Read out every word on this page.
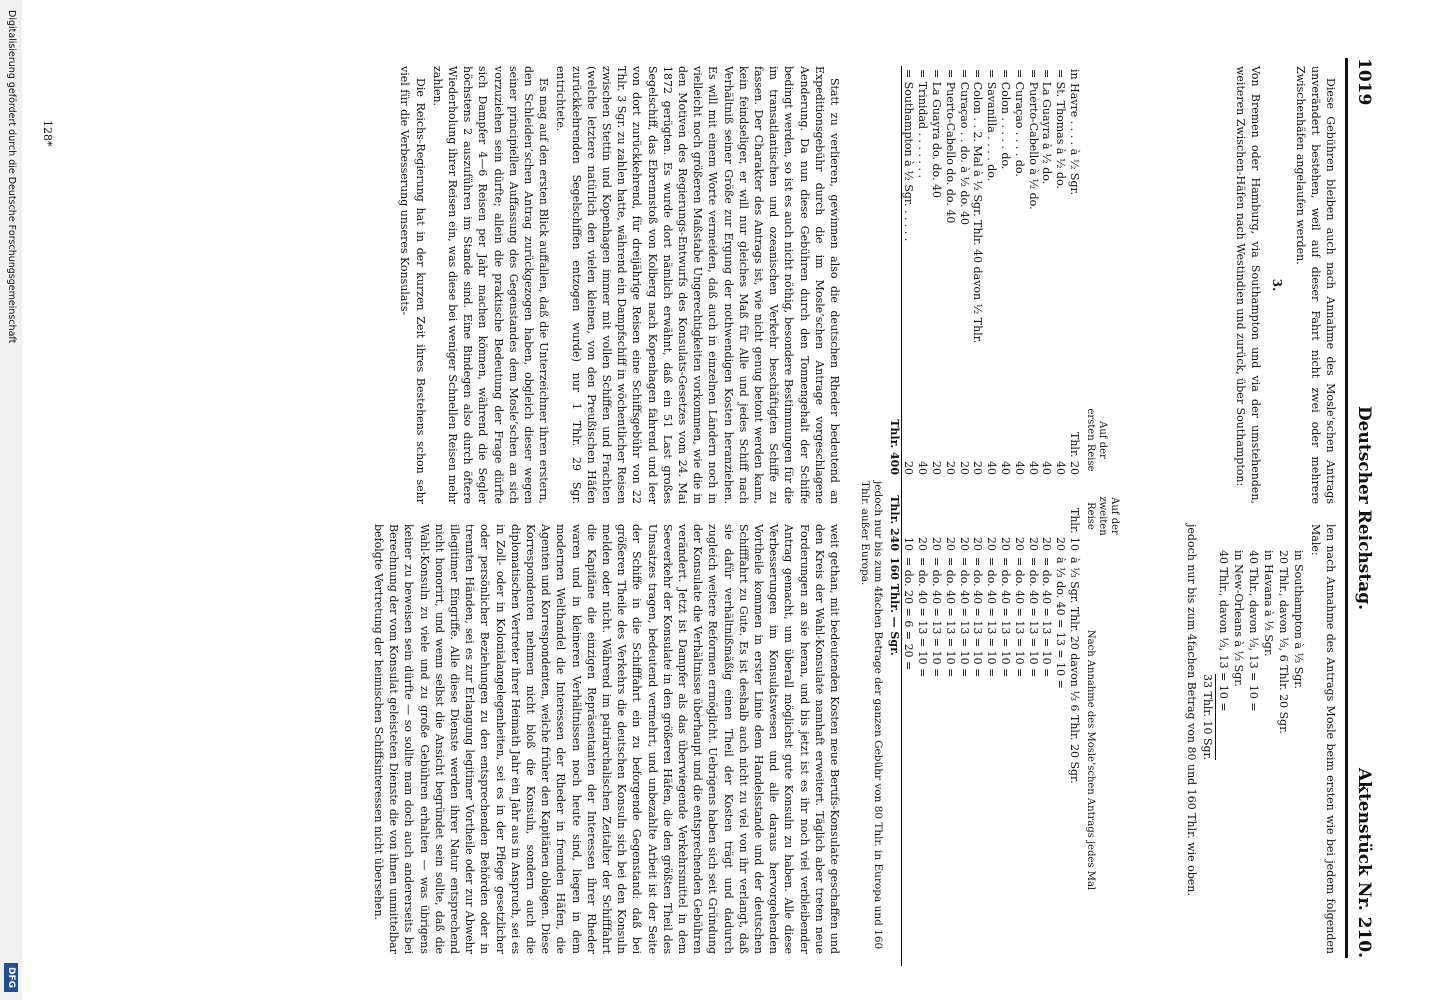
1019
Deutscher Reichstag.
Aktenstück Nr. 210.

Diese Gebühren bleiben auch nach Annahme des Mosle’schen Antrags unverändert bestehen, weil auf dieser Fahrt nicht zwei oder mehrere Zwischenhäfen angelaufen werden.

3.
Von Bremen oder Hamburg, via Southampton und via der umstehenden, weiteren Zwischen-Häfen nach Westindien und zurück, über Southampton:

len nach Annahme des Antrags Mosle beim ersten wie bei jedem folgenden Male:

in Southampton à ⅓ Sgr.
20 Thlr., davon ⅓, 6 Thlr. 20 Sgr.
in Havana à ⅓ Sgr.
40 Thlr., davon ⅓, 13 = 10 =
in New-Orleans à ⅓ Sgr.
40 Thlr., davon ⅓, 13 = 10 =
33 Thlr. 10 Sgr.

jedoch nur bis zum 4fachen Betrag von 80 und 160 Thlr. wie oben.

	Auf der ersten Reise	Auf der zweiten Reise	Nach Annahme des Mosle’schen Antrags jedes Mal
in Havre . . . . à ½ Sgr.	Thlr. 20	Thlr. 10	à ⅓ Sgr. Thlr. 20 davon ⅓ 6 Thlr. 20 Sgr.
= St. Thomas à ½ do.	40	20	à ⅓ do. 40 = 13 = 10 =
= La Guayra à ½ do.	40	20	= do. 40 = 13 = 10 =
= Puerto-Cabello à ½ do.	40	20	= do. 40 = 13 = 10 =
= Curaçao . . . . do.	40	20	= do. 40 = 13 = 10 =
= Colon . . . . . do.	40	20	= do. 40 = 13 = 10 =
= Savanilla . . . . do.	40	20	= do. 40 = 13 = 10 =
= Colon . . 2. Mal à ½ Sgr. Thlr. 40 davon ½ Thlr.	20	20	= do. 40 = 13 = 10 =
= Curaçao . . do. à ½ do. 40	20	20	= do. 40 = 13 = 10 =
= Puerto-Cabello do. do. 40	20	20	= do. 40 = 13 = 10 =
= La Guayra do. do. 40	20	20	= do. 40 = 13 = 10 =
= Trinidad . . . . . . .	40	20	= do. 40 = 13 = 10 =
= Southampton à ½ Sgr. . . . . .	20	10	= do. 20 = 6 = 20 =
	Thlr. 400	Thlr. 240	160 Thlr. — Sgr.
		jedoch nur bis zum 4fachen Betrage der ganzen Gebühr von 80 Thlr. in Europa und 160 Thlr. außer Europa.	

Statt zu verlieren, gewinnen also die deutschen Rheder bedeutend an Expeditionsgebühr durch die im Mosle’schen Antrage vorgeschlagene Aenderung. Da nun diese Gebühren durch den Tonnengehalt der Schiffe bedingt werden, so ist es auch nicht nöthig, besondere Bestimmungen für die im transatlantischen und ozeanischen Verkehr beschäftigten Schiffe zu fassen. Der Charakter des Antrags ist, wie nicht genug betont werden kann, kein feindseliger, er will nur gleiches Maß für Alle und jedes Schiff nach Verhältniß seiner Größe zur Ergung der nothwendigen Kosten heranziehen. Es will mit einem Worte vermeiden, daß auch in einzelnen Ländern noch in vielleicht noch größeren Maßstabe Ungerechtigkeiten vorkommen, wie die in den Motiven des Regierungs-Entwurfs des Konsulats-Gesetzes vom 24. Mai 1872 gerügten. Es wurde dort nämlich erwähnt, daß ein 51 Last großes Segelschiff, das Ebrennstoß von Kolberg nach Kopenhagen fahrend und leer von dort zurückkehrend, für dreijährige Reisen eine Schiffsgebühr von 22 Thlr. 3 Sgr. zu zahlen hatte, während ein Dampfschiff in wöchentlicher Reisen zwischen Stettin und Kopenhagen immer mit vollen Schiffen und Frachten (welche letztere natürlich den vielen kleinen, von den Preußischen Häfen zurückkehrenden Segelschiffen entzogen wurde) nur 1 Thlr. 29 Sgr. entrichtete.

Es mag auf den ersten Blick auffallen, daß die Unterzeichner ihren erstern, den Schleiden’schen Antrag zurückgezogen haben, obgleich dieser wegen seiner principiellen Auffassung des Gegenstandes dem Mosle’schen an sich vorzuziehen sein dürfte; allein die praktische Bedeutung der Frage dürfte sich Dampfer 4—6 Reisen per Jahr machen können, während die Segler höchstens 2 auszuführen im Stande sind. Eine Bindegen also durch öftere Wiederholung ihrer Reisen ein, was diese bei weniger Schnellen Reisen mehr zahlen.

Die Reichs-Regierung hat in der kurzen Zeit ihres Bestehens schon sehr viel für die Verbesserung unseres Konsulats-

weit gethan, mit bedeutenden Kosten neue Berufs-Konsulate geschaffen und den Kreis der Wahl-Konsulate namhaft erweitert. Täglich aber treten neue Forderungen an sie heran, und bis jetzt ist es ihr noch viel verbleibender Antrag gemacht, um überall möglichst gute Konsuln zu haben. Alle diese Verbesserungen im Konsulatswesen und alle daraus hervorgehenden Vortheile kommen in erster Linie dem Handelsstande und der deutschen Schifffahrt zu Gute. Es ist deshalb auch nicht zu viel von ihr verlangt, daß sie dafür verhältnißmäßig einen Theil der Kosten trägt und dadurch zugleich weitere Reformen ermöglicht. Uebrigens haben sich seit Gründung der Konsulate die Verhältnisse überhaupt und die entsprechenden Gebühren verändert. Jetzt ist Dampfer als das überwiegende Verkehrsmittel in dem Seeverkehr der Konsulate in den größeren Häfen, die den größten Theil des Umsatzes tragen, bedeutend vermehrt, und unbezahlte Arbeit ist der Seite der Schiffe in die Schifffahrt ein zu beforgende Gegenstand: daß bei größeren Theile des Verkehrs die deutschen Konsuln sich bei den Konsuln melden oder nicht. Während im patriarchalischen Zeitalter der Schifffahrt die Kapitäne die einzigen Repräsentanten der Interessen ihrer Rheder waren und in kleineren Verhältnissen noch heute sind, liegen in dem modernen Welthandel die Interessen der Rheder in fremden Häfen, die Agenten und Korrespondenten, welche früher den Kapitänen oblagen. Diese Korrespondenten nehmen nicht bloß die Konsuln, sondern auch die diplomatischen Vertreter ihrer Heimath Jahr ein Jahr aus in Anspruch, sei es in Zoll- oder in Kolonialangelegenheiten, sei es in der Pflege gesetzlicher oder persönlicher Beziehungen zu den entsprechenden Behörden oder in trennten Händen, sei es zur Erlangung legitimer Vortheile oder zur Abwehr illegitimer Eingriffe. Alle diese Dienste werden ihrer Natur entsprechend nicht honorirt, und wenn selbst die Ansicht begründet sein sollte, daß die Wahl-Konsuln zu viele und zu große Gebühren erhalten — was übrigens keiner zu beweisen sein dürfte — so sollte man doch auch andererseits bei Berechnung der vom Konsulat geleisteten Dienste die von ihnen unmittelbar befolgte Vertretung der heimischen Schiffsinteressen nicht übersehen.

128*
Digitalisierung gefördert durch die Deutsche Forschungsgemeinschaft
DFG
